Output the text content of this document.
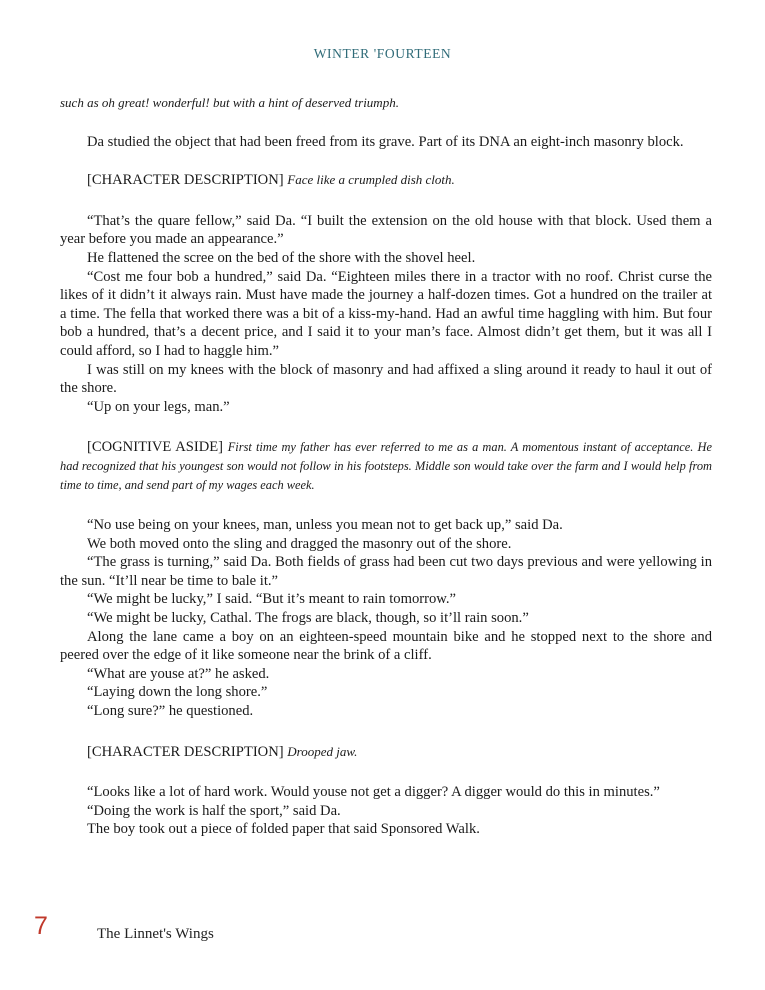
WINTER 'FOURTEEN

such as oh great! wonderful! but with a hint of deserved triumph.

Da studied the object that had been freed from its grave. Part of its DNA an eight-inch masonry block.

[CHARACTER DESCRIPTION] Face like a crumpled dish cloth.

“That’s the quare fellow,” said Da. “I built the extension on the old house with that block. Used them a year before you made an appearance.”

He flattened the scree on the bed of the shore with the shovel heel.

“Cost me four bob a hundred,” said Da. “Eighteen miles there in a tractor with no roof. Christ curse the likes of it didn’t it always rain. Must have made the journey a half-dozen times. Got a hundred on the trailer at a time. The fella that worked there was a bit of a kiss-my-hand. Had an awful time haggling with him. But four bob a hundred, that’s a decent price, and I said it to your man’s face. Almost didn’t get them, but it was all I could afford, so I had to haggle him.”

I was still on my knees with the block of masonry and had affixed a sling around it ready to haul it out of the shore.

“Up on your legs, man.”

[COGNITIVE ASIDE] First time my father has ever referred to me as a man. A momentous instant of acceptance. He had recognized that his youngest son would not follow in his footsteps. Middle son would take over the farm and I would help from time to time, and send part of my wages each week.

“No use being on your knees, man, unless you mean not to get back up,” said Da.

We both moved onto the sling and dragged the masonry out of the shore.

“The grass is turning,” said Da. Both fields of grass had been cut two days previous and were yellowing in the sun. “It’ll near be time to bale it.”

“We might be lucky,” I said. “But it’s meant to rain tomorrow.”

“We might be lucky, Cathal. The frogs are black, though, so it’ll rain soon.”

Along the lane came a boy on an eighteen-speed mountain bike and he stopped next to the shore and peered over the edge of it like someone near the brink of a cliff.

“What are youse at?” he asked.

“Laying down the long shore.”

“Long sure?” he questioned.

[CHARACTER DESCRIPTION] Drooped jaw.

“Looks like a lot of hard work. Would youse not get a digger? A digger would do this in minutes.”

“Doing the work is half the sport,” said Da.

The boy took out a piece of folded paper that said Sponsored Walk.

7	The Linnet's Wings
